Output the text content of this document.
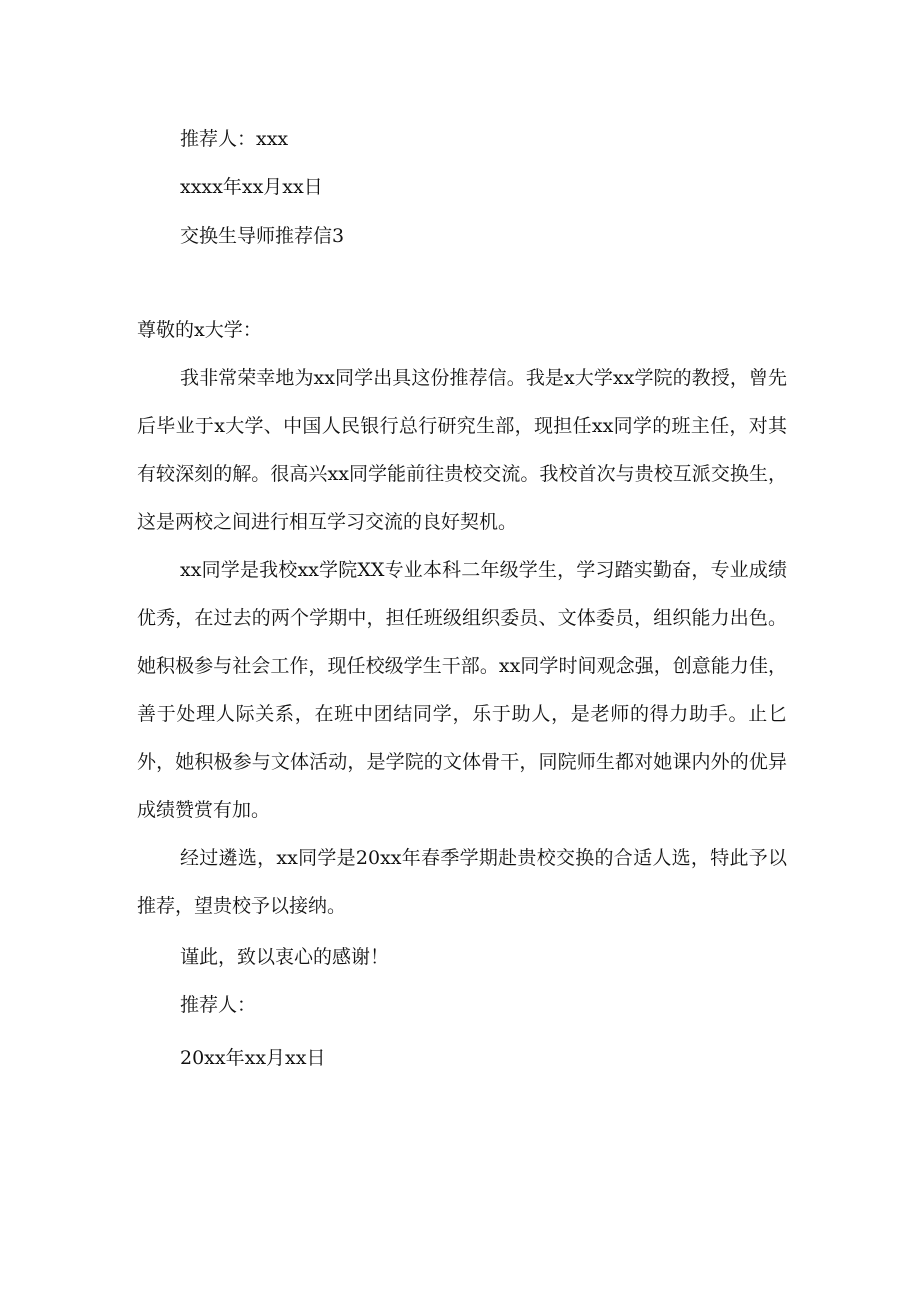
推荐人：xxx

xxxx年xx月xx日

交换生导师推荐信3

尊敬的x大学：

我非常荣幸地为xx同学出具这份推荐信。我是x大学xx学院的教授，曾先后毕业于x大学、中国人民银行总行研究生部，现担任xx同学的班主任，对其有较深刻的解。很高兴xx同学能前往贵校交流。我校首次与贵校互派交换生，这是两校之间进行相互学习交流的良好契机。

xx同学是我校xx学院XX专业本科二年级学生，学习踏实勤奋，专业成绩优秀，在过去的两个学期中，担任班级组织委员、文体委员，组织能力出色。她积极参与社会工作，现任校级学生干部。xx同学时间观念强，创意能力佳，善于处理人际关系，在班中团结同学，乐于助人，是老师的得力助手。止匕外，她积极参与文体活动，是学院的文体骨干，同院师生都对她课内外的优异成绩赞赏有加。

经过遴选，xx同学是20xx年春季学期赴贵校交换的合适人选，特此予以推荐，望贵校予以接纳。

谨此，致以衷心的感谢！

推荐人：

20xx年xx月xx日
